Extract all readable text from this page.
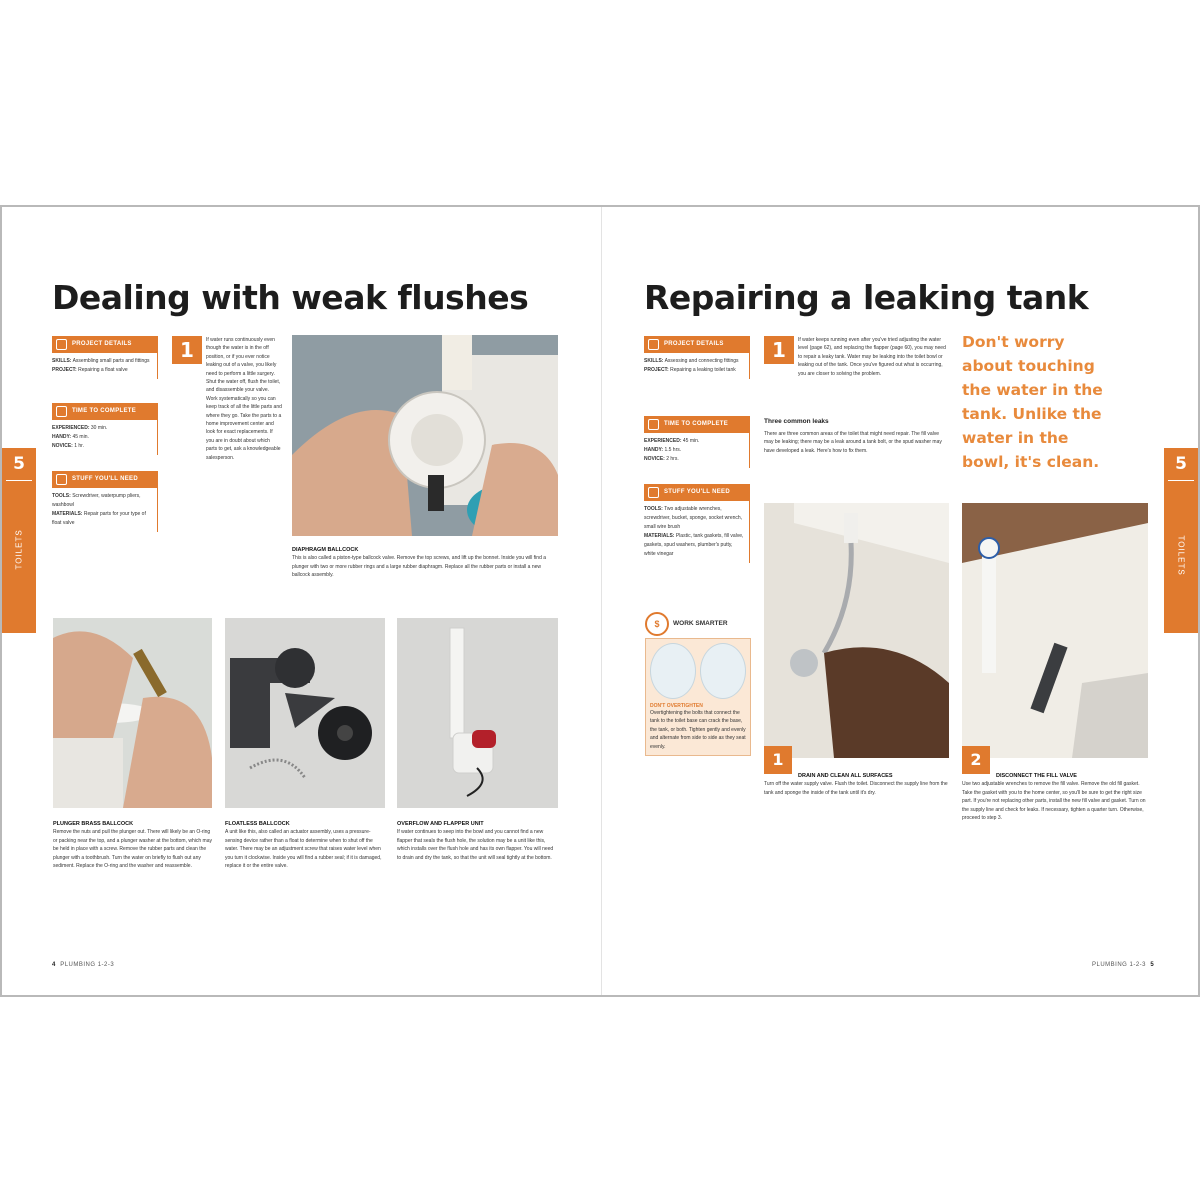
Dealing with weak flushes
5
TOILETS
PROJECT DETAILS
SKILLS: Assembling small parts and fittings
PROJECT: Repairing a float valve
TIME TO COMPLETE
EXPERIENCED: 30 min.
HANDY: 45 min.
NOVICE: 1 hr.
STUFF YOU'LL NEED
TOOLS: Screwdriver, waterpump pliers, washbowl
MATERIALS: Repair parts for your type of float valve
1	If water runs continuously even though the water is in the off position, or if you ever notice leaking out of a valve, you likely need to perform a little surgery. Shut the water off, flush the toilet, and disassemble your valve. Work systematically so you can keep track of all the little parts and where they go. Take the parts to a home improvement center and look for exact replacements. If you are in doubt about which parts to get, ask a knowledgeable salesperson.
DIAPHRAGM BALLCOCK
This is also called a piston-type ballcock valve. Remove the top screws, and lift up the bonnet. Inside you will find a plunger with two or more rubber rings and a large rubber diaphragm. Replace all the rubber parts or install a new ballcock assembly.
PLUNGER BRASS BALLCOCK
Remove the nuts and pull the plunger out. There will likely be an O-ring or packing near the top, and a plunger washer at the bottom, which may be held in place with a screw. Remove the rubber parts and clean the plunger with a toothbrush. Turn the water on briefly to flush out any sediment. Replace the O-ring and the washer and reassemble.
FLOATLESS BALLCOCK
A unit like this, also called an actuator assembly, uses a pressure-sensing device rather than a float to determine when to shut off the water. There may be an adjustment screw that raises water level when you turn it clockwise. Inside you will find a rubber seal; if it is damaged, replace it or the entire valve.
OVERFLOW AND FLAPPER UNIT
If water continues to seep into the bowl and you cannot find a new flapper that seals the flush hole, the solution may be a unit like this, which installs over the flush hole and has its own flapper. You will need to drain and dry the tank, so that the unit will seal tightly at the bottom.
4 PLUMBING 1-2-3
Repairing a leaking tank
5
TOILETS
PROJECT DETAILS
SKILLS: Assessing and connecting fittings
PROJECT: Repairing a leaking toilet tank
TIME TO COMPLETE
EXPERIENCED: 45 min.
HANDY: 1.5 hrs.
NOVICE: 2 hrs.
STUFF YOU'LL NEED
TOOLS: Two adjustable wrenches, screwdriver, bucket, sponge, socket wrench, small wire brush
MATERIALS: Plastic, tank gaskets, fill valve, gaskets, spud washers, plumber's putty, white vinegar
1	If water keeps running even after you've tried adjusting the water level (page 62), and replacing the flapper (page 60), you may need to repair a leaky tank. Water may be leaking into the toilet bowl or leaking out of the tank. Once you've figured out what is occurring, you are closer to solving the problem.
Three common leaks
There are three common areas of the toilet that might need repair. The fill valve may be leaking; there may be a leak around a tank bolt, or the spud washer may have developed a leak. Here's how to fix them.
Don't worry about touching the water in the tank. Unlike the water in the bowl, it's clean.
$	WORK SMARTER
DON'T OVERTIGHTEN
Overtightening the bolts that connect the tank to the toilet base can crack the base, the tank, or both. Tighten gently and evenly and alternate from side to side as they seat evenly.
1
DRAIN AND CLEAN ALL SURFACES
Turn off the water supply valve. Flush the toilet. Disconnect the supply line from the tank and sponge the inside of the tank until it's dry.
2
DISCONNECT THE FILL VALVE
Use two adjustable wrenches to remove the fill valve. Remove the old fill gasket. Take the gasket with you to the home center, so you'll be sure to get the right size part. If you're not replacing other parts, install the new fill valve and gasket. Turn on the supply line and check for leaks. If necessary, tighten a quarter turn. Otherwise, proceed to step 3.
PLUMBING 1-2-3 5
